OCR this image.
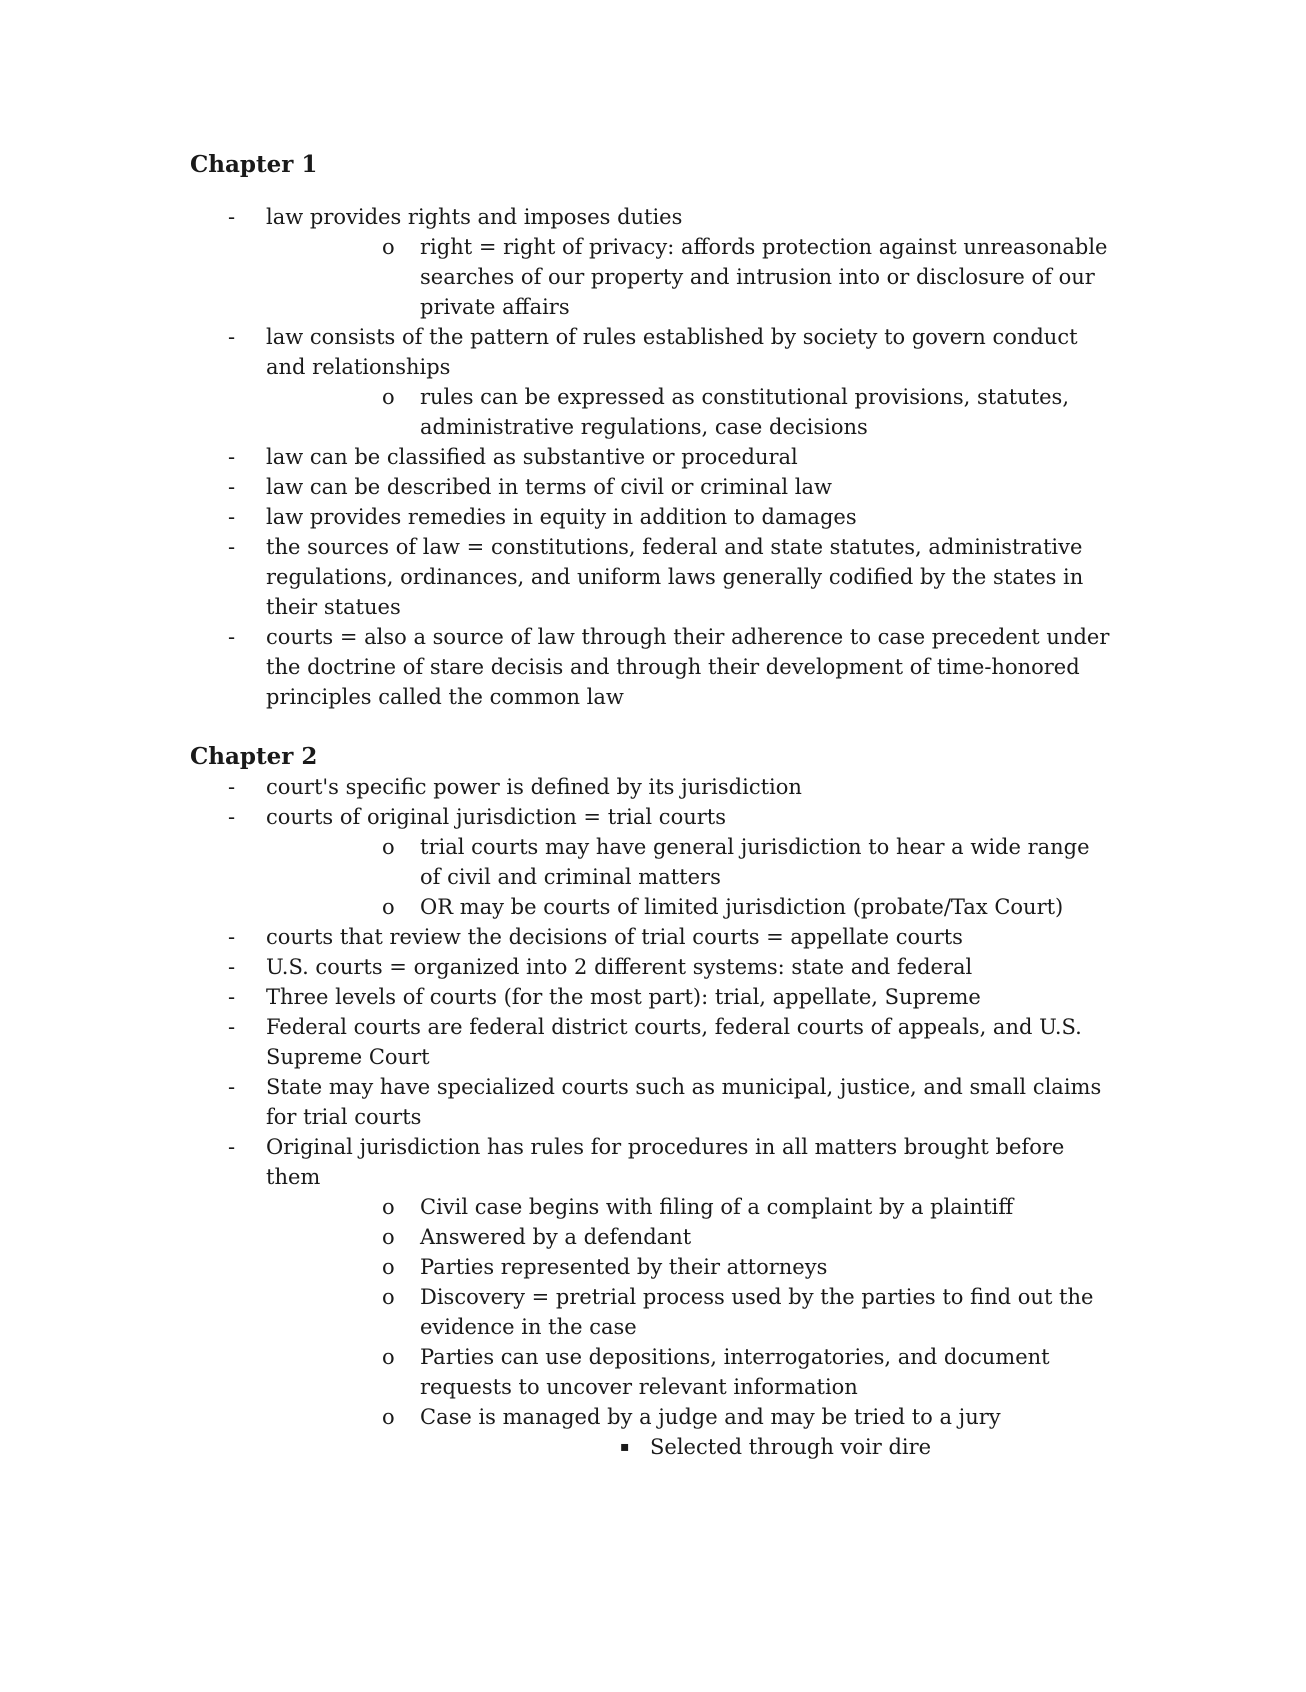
Chapter 1
- law provides rights and imposes duties
o right = right of privacy: affords protection against unreasonable searches of our property and intrusion into or disclosure of our private affairs
- law consists of the pattern of rules established by society to govern conduct and relationships
o rules can be expressed as constitutional provisions, statutes, administrative regulations, case decisions
- law can be classified as substantive or procedural
- law can be described in terms of civil or criminal law
- law provides remedies in equity in addition to damages
- the sources of law = constitutions, federal and state statutes, administrative regulations, ordinances, and uniform laws generally codified by the states in their statues
- courts = also a source of law through their adherence to case precedent under the doctrine of stare decisis and through their development of time-honored principles called the common law
Chapter 2
- court's specific power is defined by its jurisdiction
- courts of original jurisdiction = trial courts
o trial courts may have general jurisdiction to hear a wide range of civil and criminal matters
o OR may be courts of limited jurisdiction (probate/Tax Court)
- courts that review the decisions of trial courts = appellate courts
- U.S. courts = organized into 2 different systems: state and federal
- Three levels of courts (for the most part): trial, appellate, Supreme
- Federal courts are federal district courts, federal courts of appeals, and U.S. Supreme Court
- State may have specialized courts such as municipal, justice, and small claims for trial courts
- Original jurisdiction has rules for procedures in all matters brought before them
o Civil case begins with filing of a complaint by a plaintiff
o Answered by a defendant
o Parties represented by their attorneys
o Discovery = pretrial process used by the parties to find out the evidence in the case
o Parties can use depositions, interrogatories, and document requests to uncover relevant information
o Case is managed by a judge and may be tried to a jury
▪ Selected through voir dire
